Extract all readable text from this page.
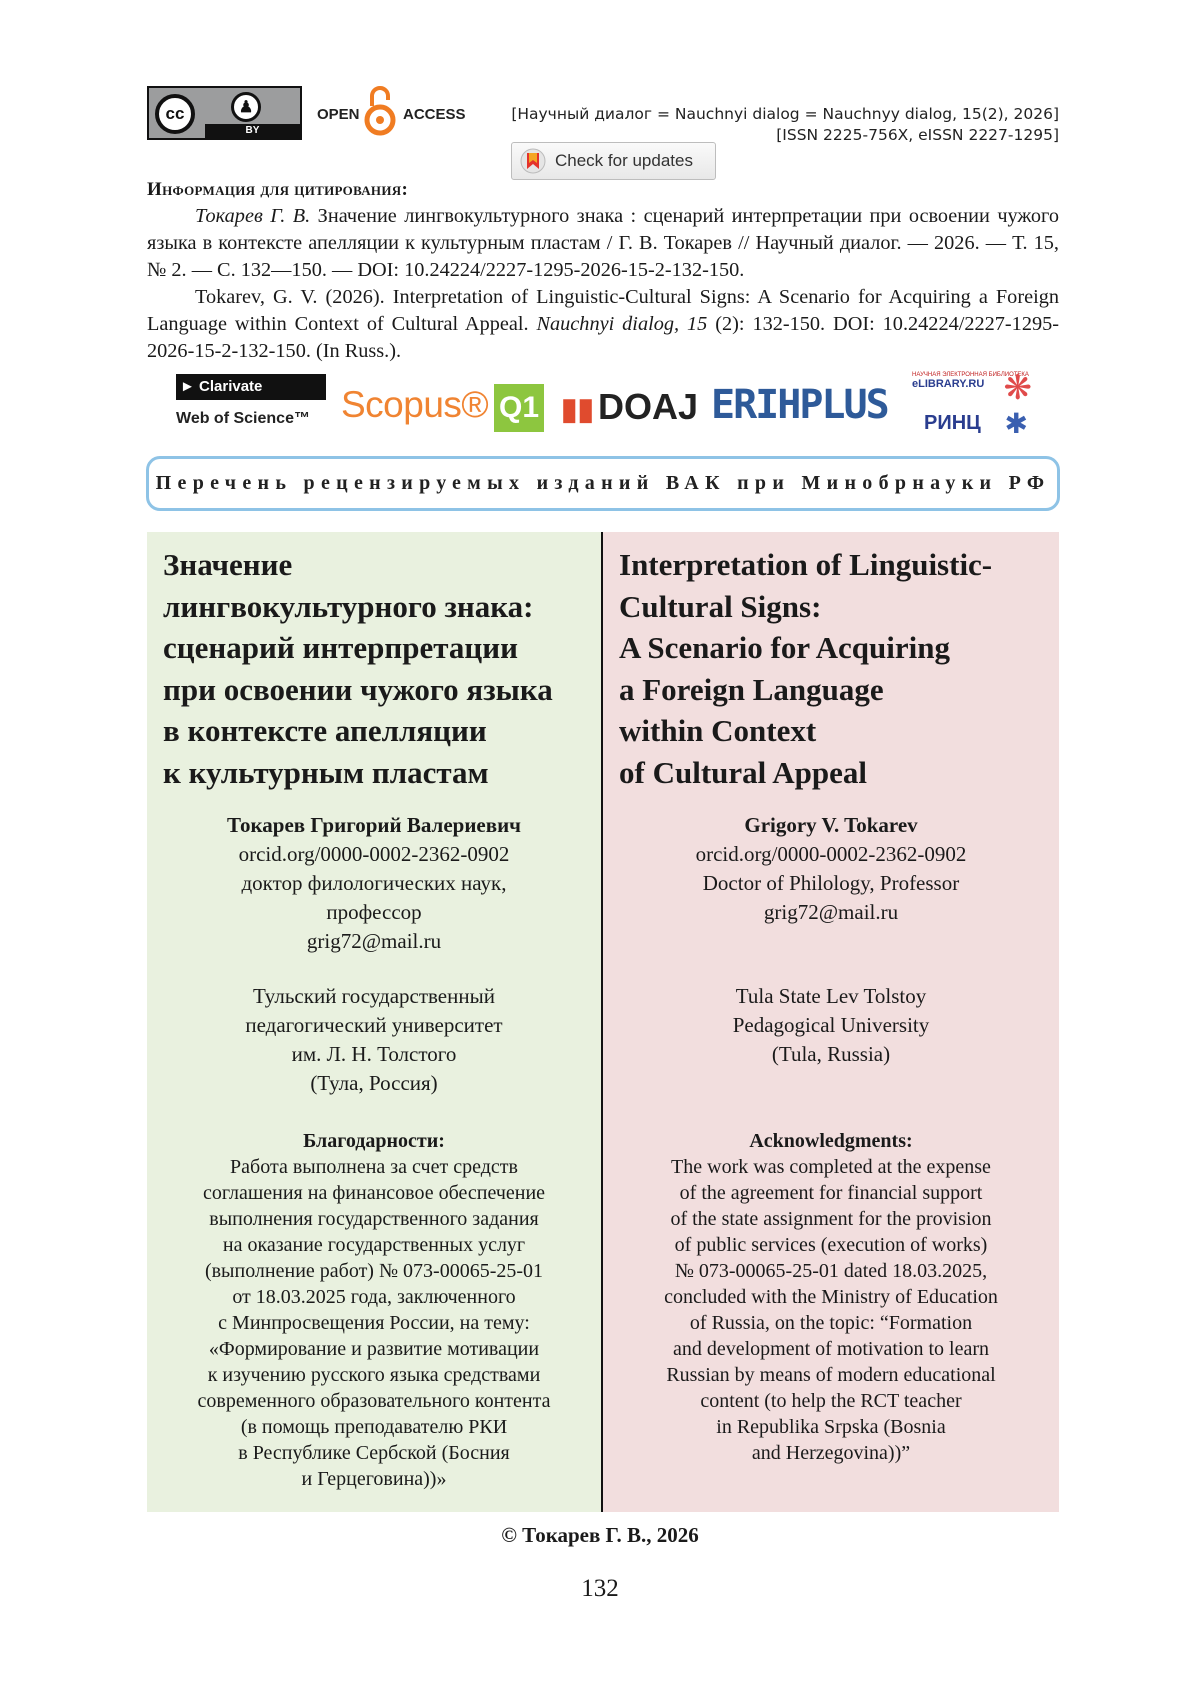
cc	♟
BY
OPEN	ACCESS	[Научный диалог = Nauchnyi dialog = Nauchnyy dialog, 15(2), 2026]
[ISSN 2225-756X, eISSN 2227-1295]
Check for updates
Информация для цитирования:
Токарев Г. В. Значение лингвокультурного знака : сценарий интерпретации при освоении чужого языка в контексте апелляции к культурным пластам / Г. В. Токарев // Научный диалог. — 2026. — Т. 15, № 2. — С. 132—150. — DOI: 10.24224/2227-1295-2026-15-2-132-150.
Tokarev, G. V. (2026). Interpretation of Linguistic-Cultural Signs: A Scenario for Acquiring a Foreign Language within Context of Cultural Appeal. Nauchnyi dialog, 15 (2): 132-150. DOI: 10.24224/2227-1295-2026-15-2-132-150. (In Russ.).
► Clarivate
Web of Science™ Scopus® Q1 ▮▮ DOAJ ERIHPLUS
НАУЧНАЯ ЭЛЕКТРОННАЯ БИБЛИОТЕКА
eLIBRARY.RU
РИНЦ
❋
✱
Перечень рецензируемых изданий ВАК при Минобрнауки РФ
Значение
лингвокультурного знака:
сценарий интерпретации
при освоении чужого языка
в контексте апелляции
к культурным пластам
Токарев Григорий Валериевич
orcid.org/0000-0002-2362-0902
доктор филологических наук,
профессор
grig72@mail.ru
Тульский государственный
педагогический университет
им. Л. Н. Толстого
(Тула, Россия)
Благодарности:
Работа выполнена за счет средств
соглашения на финансовое обеспечение
выполнения государственного задания
на оказание государственных услуг
(выполнение работ) № 073-00065-25-01
от 18.03.2025 года, заключенного
с Минпросвещения России, на тему:
«Формирование и развитие мотивации
к изучению русского языка средствами
современного образовательного контента
(в помощь преподавателю РКИ
в Республике Сербской (Босния
и Герцеговина))»
Interpretation of Linguistic-
Cultural Signs:
A Scenario for Acquiring
a Foreign Language
within Context
of Cultural Appeal
Grigory V. Tokarev
orcid.org/0000-0002-2362-0902
Doctor of Philology, Professor
grig72@mail.ru
Tula State Lev Tolstoy
Pedagogical University
(Tula, Russia)
Acknowledgments:
The work was completed at the expense
of the agreement for financial support
of the state assignment for the provision
of public services (execution of works)
№ 073-00065-25-01 dated 18.03.2025,
concluded with the Ministry of Education
of Russia, on the topic: “Formation
and development of motivation to learn
Russian by means of modern educational
content (to help the RCT teacher
in Republika Srpska (Bosnia
and Herzegovina))”
© Токарев Г. В., 2026
132
